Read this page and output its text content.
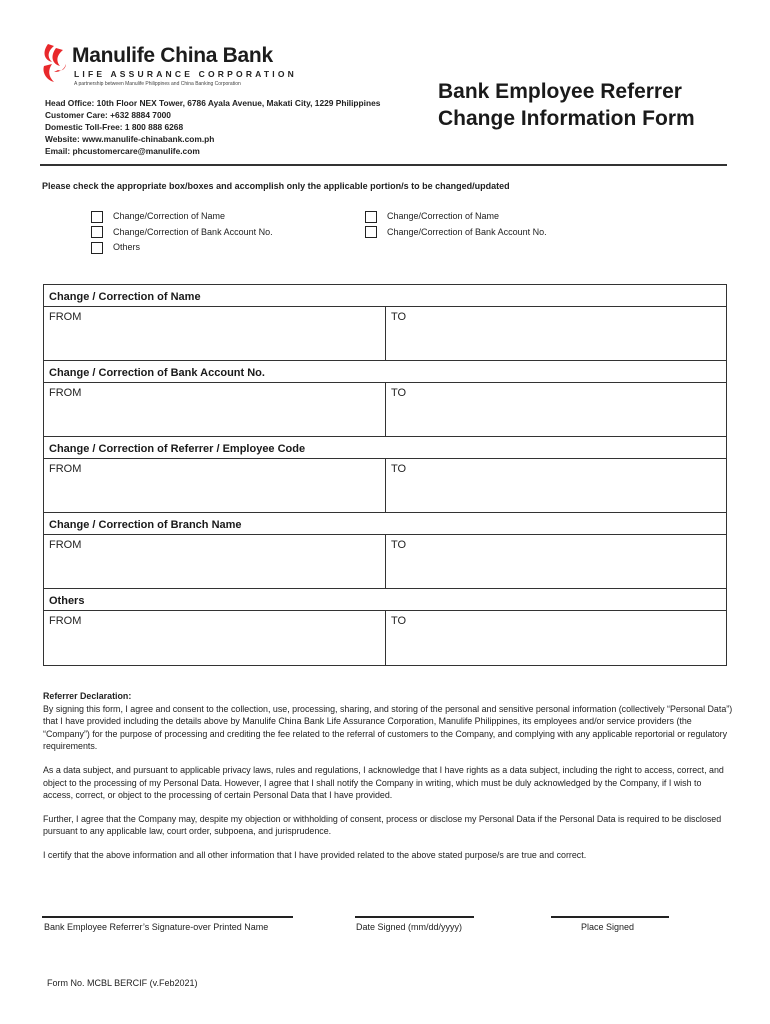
Manulife China Bank
LIFE ASSURANCE CORPORATION
A partnership between Manulife Philippines and China Banking Corporation
Head Office: 10th Floor NEX Tower, 6786 Ayala Avenue, Makati City, 1229 Philippines
Customer Care: +632 8884 7000
Domestic Toll-Free: 1 800 888 6268
Website: www.manulife-chinabank.com.ph
Email: phcustomercare@manulife.com
Bank Employee Referrer
Change Information Form
Please check the appropriate box/boxes and accomplish only the applicable portion/s to be changed/updated
Change/Correction of Name
Change/Correction of Bank Account No.
Others
Change/Correction of Name
Change/Correction of Bank Account No.
Change / Correction of Name
FROM	TO
Change / Correction of Bank Account No.
FROM	TO
Change / Correction of Referrer / Employee Code
FROM	TO
Change / Correction of Branch Name
FROM	TO
Others
FROM	TO
Referrer Declaration:

By signing this form, I agree and consent to the collection, use, processing, sharing, and storing of the personal and sensitive personal information (collectively “Personal Data”) that I have provided including the details above by Manulife China Bank Life Assurance Corporation, Manulife Philippines, its employees and/or service providers (the “Company”) for the purpose of processing and crediting the fee related to the referral of customers to the Company, and complying with any applicable reportorial or regulatory requirements.

As a data subject, and pursuant to applicable privacy laws, rules and regulations, I acknowledge that I have rights as a data subject, including the right to access, correct, and object to the processing of my Personal Data. However, I agree that I shall notify the Company in writing, which must be duly acknowledged by the Company, if I wish to access, correct, or object to the processing of certain Personal Data that I have provided.

Further, I agree that the Company may, despite my objection or withholding of consent, process or disclose my Personal Data if the Personal Data is required to be disclosed pursuant to any applicable law, court order, subpoena, and jurisprudence.

I certify that the above information and all other information that I have provided related to the above stated purpose/s are true and correct.

Bank Employee Referrer’s Signature-over Printed Name	Date Signed (mm/dd/yyyy)	Place Signed
Form No. MCBL BERCIF (v.Feb2021)
